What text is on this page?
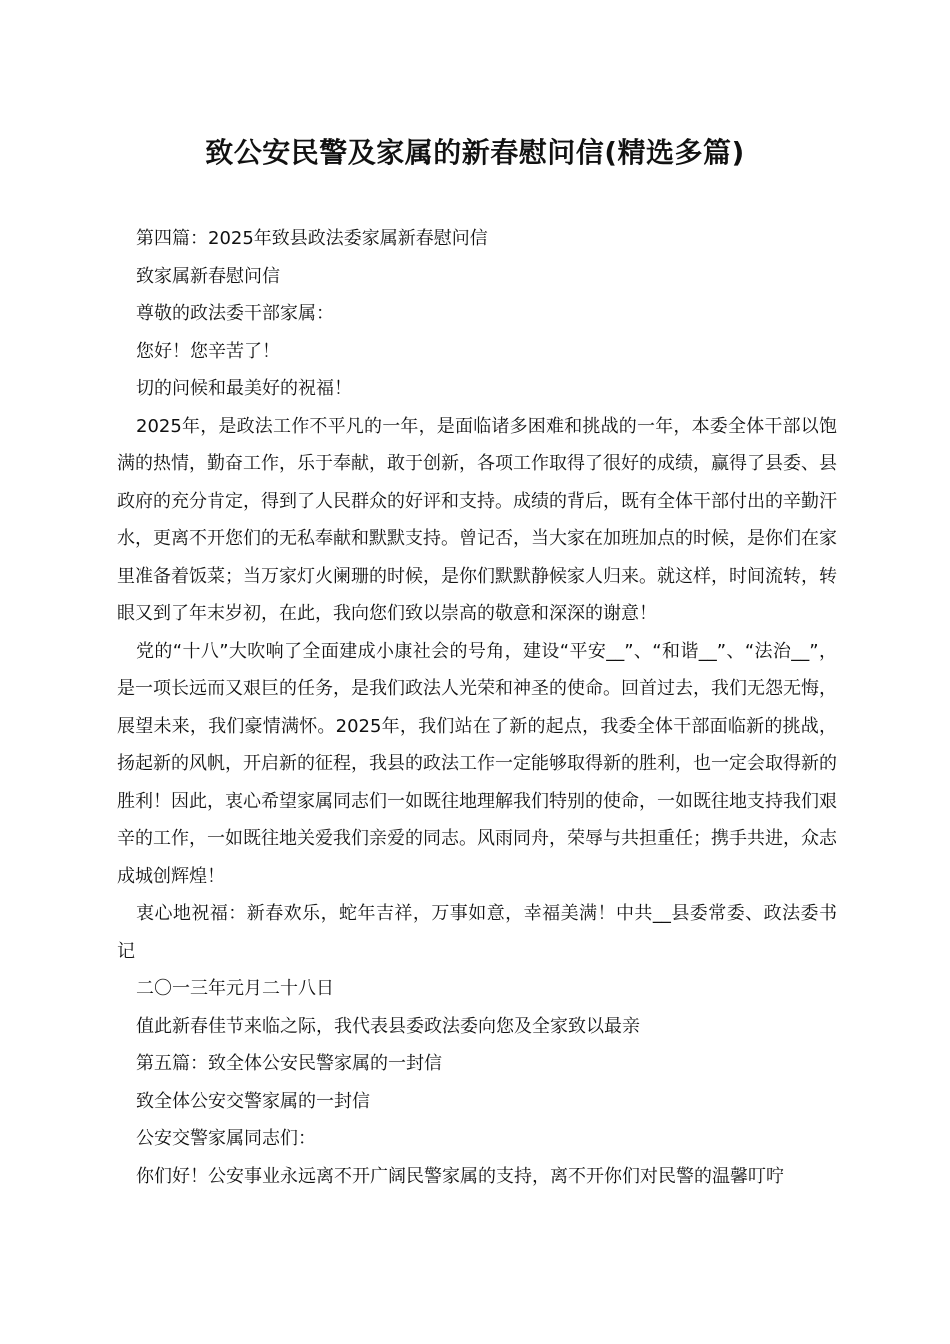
致公安民警及家属的新春慰问信(精选多篇)

第四篇：2025年致县政法委家属新春慰问信

致家属新春慰问信

尊敬的政法委干部家属：

您好！您辛苦了！

切的问候和最美好的祝福！

2025年，是政法工作不平凡的一年，是面临诸多困难和挑战的一年，本委全体干部以饱满的热情，勤奋工作，乐于奉献，敢于创新，各项工作取得了很好的成绩，赢得了县委、县政府的充分肯定，得到了人民群众的好评和支持。成绩的背后，既有全体干部付出的辛勤汗水，更离不开您们的无私奉献和默默支持。曾记否，当大家在加班加点的时候，是你们在家里准备着饭菜；当万家灯火阑珊的时候，是你们默默静候家人归来。就这样，时间流转，转眼又到了年末岁初，在此，我向您们致以崇高的敬意和深深的谢意！

党的“十八”大吹响了全面建成小康社会的号角，建设“平安__”、“和谐__”、“法治__”，是一项长远而又艰巨的任务，是我们政法人光荣和神圣的使命。回首过去，我们无怨无悔，展望未来，我们豪情满怀。2025年，我们站在了新的起点，我委全体干部面临新的挑战，扬起新的风帆，开启新的征程，我县的政法工作一定能够取得新的胜利，也一定会取得新的胜利！因此，衷心希望家属同志们一如既往地理解我们特别的使命，一如既往地支持我们艰辛的工作，一如既往地关爱我们亲爱的同志。风雨同舟，荣辱与共担重任；携手共进，众志成城创辉煌！

衷心地祝福：新春欢乐，蛇年吉祥，万事如意，幸福美满！中共__县委常委、政法委书记

二〇一三年元月二十八日

值此新春佳节来临之际，我代表县委政法委向您及全家致以最亲

第五篇：致全体公安民警家属的一封信

致全体公安交警家属的一封信

公安交警家属同志们：

你们好！公安事业永远离不开广阔民警家属的支持，离不开你们对民警的温馨叮咛
